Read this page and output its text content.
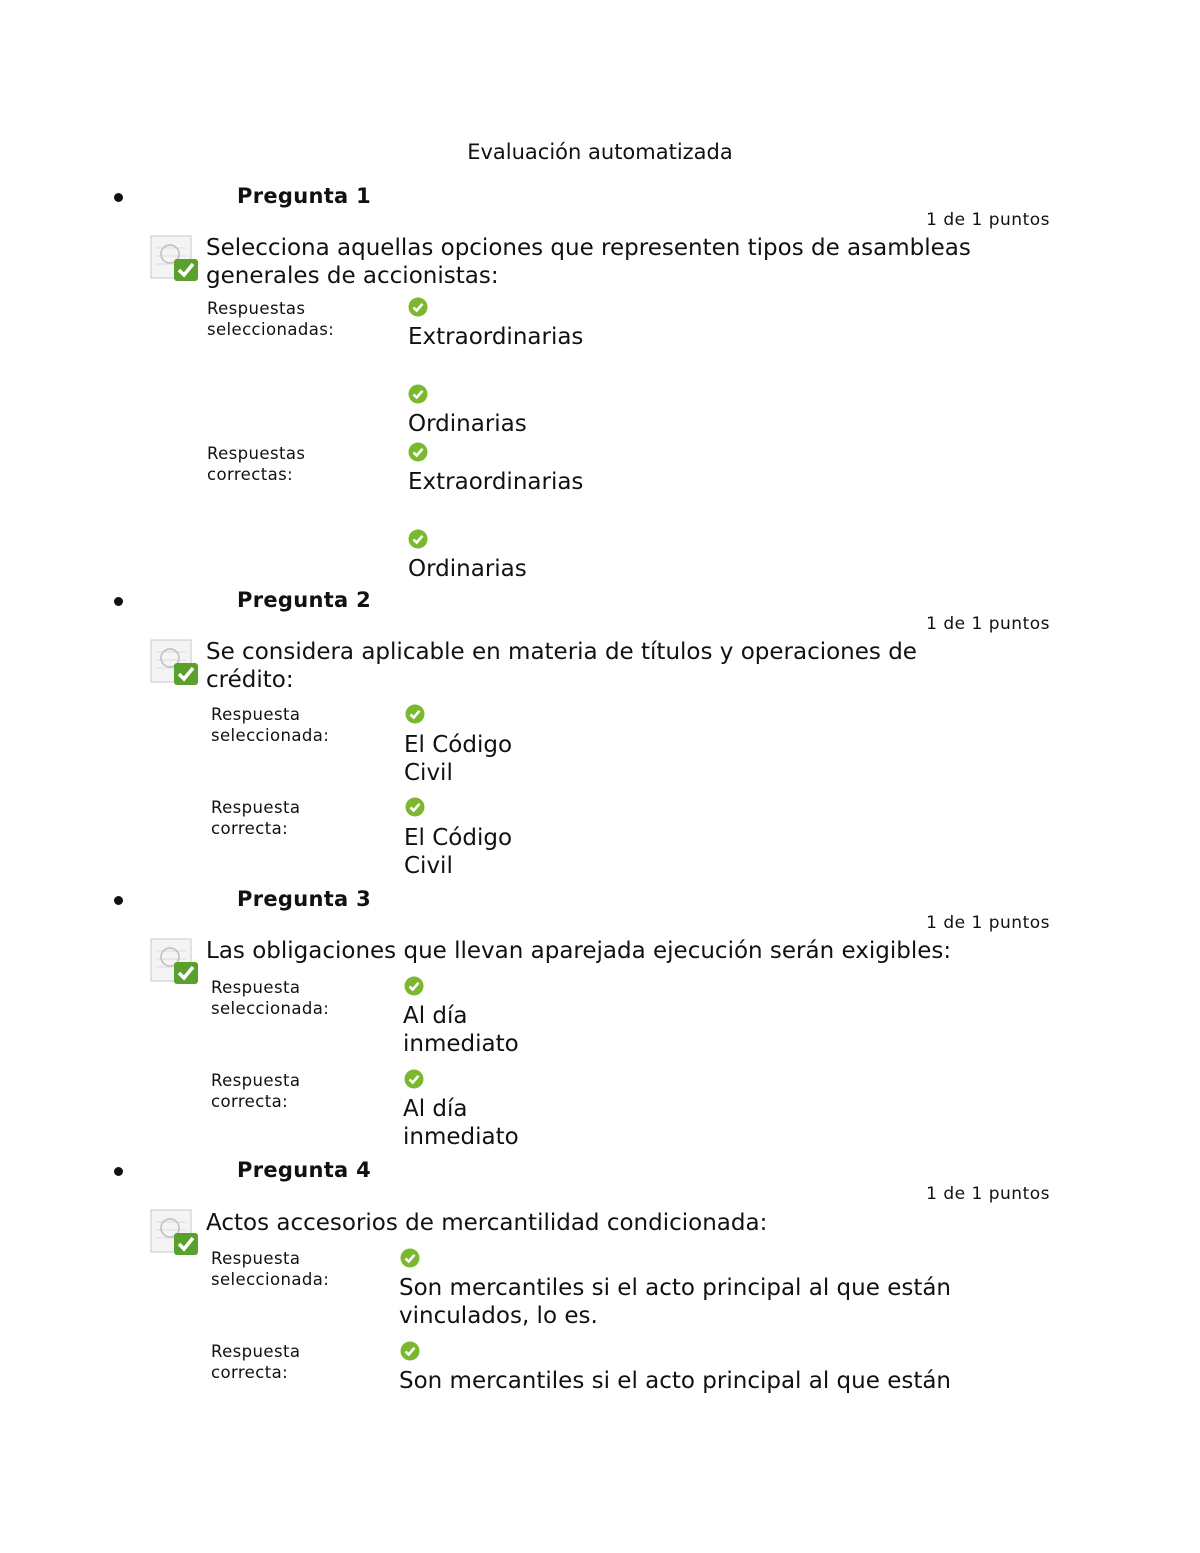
Evaluación automatizada
Pregunta 1
1 de 1 puntos
Selecciona aquellas opciones que representen tipos de asambleas generales de accionistas:
Respuestas seleccionadas:	Extraordinarias
Ordinarias
Respuestas correctas:	Extraordinarias
Ordinarias
Pregunta 2
1 de 1 puntos
Se considera aplicable en materia de títulos y operaciones de crédito:
Respuesta seleccionada:	El Código Civil
Respuesta correcta:	El Código Civil
Pregunta 3
1 de 1 puntos
Las obligaciones que llevan aparejada ejecución serán exigibles:
Respuesta seleccionada:	Al día inmediato
Respuesta correcta:	Al día inmediato
Pregunta 4
1 de 1 puntos
Actos accesorios de mercantilidad condicionada:
Respuesta seleccionada:	Son mercantiles si el acto principal al que están vinculados, lo es.
Respuesta correcta:	Son mercantiles si el acto principal al que están
